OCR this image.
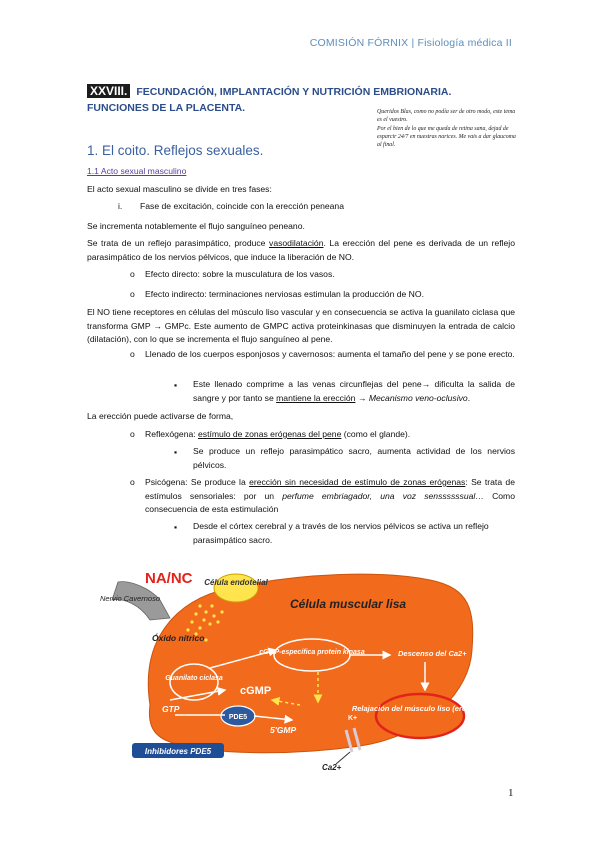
COMISIÓN FÓRNIX | Fisiología médica II
XXVIII. FECUNDACIÓN, IMPLANTACIÓN Y NUTRICIÓN EMBRIONARIA. FUNCIONES DE LA PLACENTA.	Queridos Blas, como no podía ser de otro modo, este tema es el vuestro.
Por el bien de lo que me queda de retina sana, dejad de esparcir 24/7 en nuestras narices. Me vais a dar glaucoma al final.
1. El coito. Reflejos sexuales.
1.1 Acto sexual masculino
El acto sexual masculino se divide en tres fases:
i. Fase de excitación, coincide con la erección peneana
Se incrementa notablemente el flujo sanguíneo peneano.
Se trata de un reflejo parasimpático, produce vasodilatación. La erección del pene es derivada de un reflejo parasimpático de los nervios pélvicos, que induce la liberación de NO.
o Efecto directo: sobre la musculatura de los vasos.
o Efecto indirecto: terminaciones nerviosas estimulan la producción de NO.
El NO tiene receptores en células del músculo liso vascular y en consecuencia se activa la guanilato ciclasa que transforma GMP → GMPc. Este aumento de GMPC activa proteinkinasas que disminuyen la entrada de calcio (dilatación), con lo que se incrementa el flujo sanguíneo al pene.
o Llenado de los cuerpos esponjosos y cavernosos: aumenta el tamaño del pene y se pone erecto.
▪ Este llenado comprime a las venas circunflejas del pene→ dificulta la salida de sangre y por tanto se mantiene la erección → Mecanismo veno-oclusivo.
La erección puede activarse de forma,
o Reflexógena: estímulo de zonas erógenas del pene (como el glande).
▪ Se produce un reflejo parasimpático sacro, aumenta actividad de los nervios pélvicos.
o Psicógena: Se produce la erección sin necesidad de estímulo de zonas erógenas: Se trata de estímulos sensoriales: por un perfume embriagador, una voz senssssssual… Como consecuencia de esta estimulación
▪ Desde el córtex cerebral y a través de los nervios pélvicos se activa un reflejo parasimpático sacro.
Célula endotelial
NA/NC
Nervio Cavernoso
Óxido nítrico
Célula muscular lisa
Guanilato ciclasa
cGMP-específica protein kinasa	Descenso del Ca2+
cGMP
GTP
PDE5
5'GMP
K+
Relajación del músculo liso (erección)
Inhibidores PDE5
Ca2+
1
